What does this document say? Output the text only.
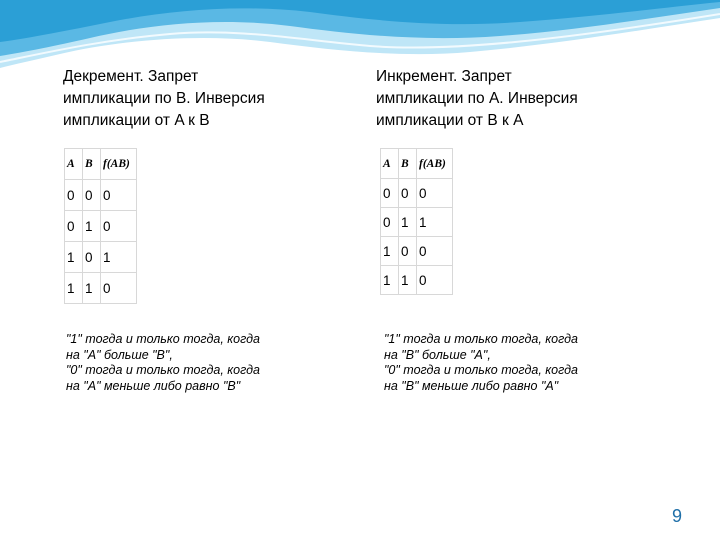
Декремент. Запрет
импликации по B. Инверсия
импликации от A к B
Инкремент. Запрет
импликации по A. Инверсия
импликации от B к A
A	B	f(AB)
0	0	0
0	1	0
1	0	1
1	1	0
A	B	f(AB)
0	0	0
0	1	1
1	0	0
1	1	0

"1" тогда и только тогда, когда
на "A" больше "B",
"0" тогда и только тогда, когда
на "A" меньше либо равно "B"

"1" тогда и только тогда, когда
на "B" больше "A",
"0" тогда и только тогда, когда
на "B" меньше либо равно "A"

9
